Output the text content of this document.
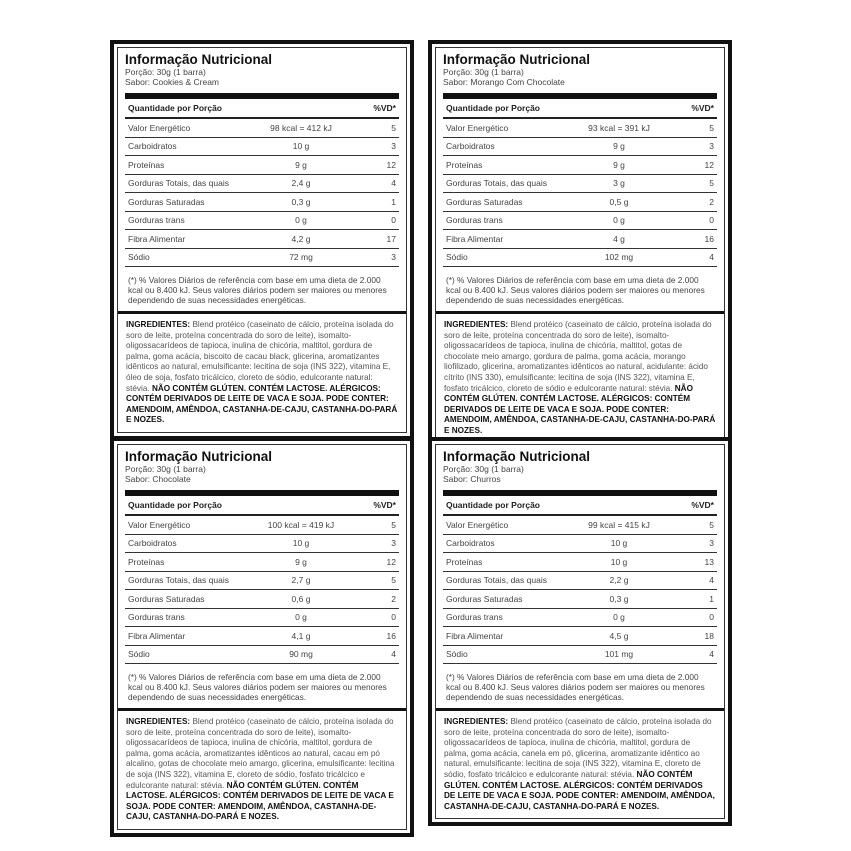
Informação Nutricional
Porção: 30g (1 barra)
Sabor: Cookies & Cream
Quantidade por Porção	%VD*
Valor Energético	98 kcal = 412 kJ	5
Carboidratos	10 g	3
Proteínas	9 g	12
Gorduras Totais, das quais	2,4 g	4
Gorduras Saturadas	0,3 g	1
Gorduras trans	0 g	0
Fibra Alimentar	4,2 g	17
Sódio	72 mg	3
(*) % Valores Diários de referência com base em uma dieta de 2.000 kcal ou 8.400 kJ. Seus valores diários podem ser maiores ou menores dependendo de suas necessidades energéticas.
INGREDIENTES: Blend protéico (caseinato de cálcio, proteína isolada do soro de leite, proteína concentrada do soro de leite), isomalto-oligossacarídeos de tapioca, inulina de chicória, maltitol, gordura de palma, goma acácia, biscoito de cacau black, glicerina, aromatizantes idênticos ao natural, emulsificante: lecitina de soja (INS 322), vitamina E, óleo de soja, fosfato tricálcico, cloreto de sódio, edulcorante natural: stévia. NÃO CONTÉM GLÚTEN. CONTÉM LACTOSE. ALÉRGICOS: CONTÉM DERIVADOS DE LEITE DE VACA E SOJA. PODE CONTER: AMENDOIM, AMÊNDOA, CASTANHA-DE-CAJU, CASTANHA-DO-PARÁ E NOZES.
Informação Nutricional
Porção: 30g (1 barra)
Sabor: Morango Com Chocolate
Quantidade por Porção	%VD*
Valor Energético	93 kcal = 391 kJ	5
Carboidratos	9 g	3
Proteínas	9 g	12
Gorduras Totais, das quais	3 g	5
Gorduras Saturadas	0,5 g	2
Gorduras trans	0 g	0
Fibra Alimentar	4 g	16
Sódio	102 mg	4
(*) % Valores Diários de referência com base em uma dieta de 2.000 kcal ou 8.400 kJ. Seus valores diários podem ser maiores ou menores dependendo de suas necessidades energéticas.
INGREDIENTES: Blend protéico (caseinato de cálcio, proteína isolada do soro de leite, proteína concentrada do soro de leite), isomalto-oligossacarídeos de tapioca, inulina de chicória, maltitol, gotas de chocolate meio amargo, gordura de palma, goma acácia, morango liofilizado, glicerina, aromatizantes idênticos ao natural, acidulante: ácido cítrito (INS 330), emulsificante: lecitina de soja (INS 322), vitamina E, fosfato tricálcico, cloreto de sódio e edulcorante natural: stévia. NÃO CONTÉM GLÚTEN. CONTÉM LACTOSE. ALÉRGICOS: CONTÉM DERIVADOS DE LEITE DE VACA E SOJA. PODE CONTER: AMENDOIM, AMÊNDOA, CASTANHA-DE-CAJU, CASTANHA-DO-PARÁ E NOZES.
Informação Nutricional
Porção: 30g (1 barra)
Sabor: Chocolate
Quantidade por Porção	%VD*
Valor Energético	100 kcal = 419 kJ	5
Carboidratos	10 g	3
Proteínas	9 g	12
Gorduras Totais, das quais	2,7 g	5
Gorduras Saturadas	0,6 g	2
Gorduras trans	0 g	0
Fibra Alimentar	4,1 g	16
Sódio	90 mg	4
(*) % Valores Diários de referência com base em uma dieta de 2.000 kcal ou 8.400 kJ. Seus valores diários podem ser maiores ou menores dependendo de suas necessidades energéticas.
INGREDIENTES: Blend protéico (caseinato de cálcio, proteína isolada do soro de leite, proteína concentrada do soro de leite), isomalto-oligossacarídeos de tapioca, inulina de chicória, maltitol, gordura de palma, goma acácia, aromatizantes idênticos ao natural, cacau em pó alcalino, gotas de chocolate meio amargo, glicerina, emulsificante: lecitina de soja (INS 322), vitamina E, cloreto de sódio, fosfato tricálcico e edulcorante natural: stévia. NÃO CONTÉM GLÚTEN. CONTÉM LACTOSE. ALÉRGICOS: CONTÉM DERIVADOS DE LEITE DE VACA E SOJA. PODE CONTER: AMENDOIM, AMÊNDOA, CASTANHA-DE-CAJU, CASTANHA-DO-PARÁ E NOZES.
Informação Nutricional
Porção: 30g (1 barra)
Sabor: Churros
Quantidade por Porção	%VD*
Valor Energético	99 kcal = 415 kJ	5
Carboidratos	10 g	3
Proteínas	10 g	13
Gorduras Totais, das quais	2,2 g	4
Gorduras Saturadas	0,3 g	1
Gorduras trans	0 g	0
Fibra Alimentar	4,5 g	18
Sódio	101 mg	4
(*) % Valores Diários de referência com base em uma dieta de 2.000 kcal ou 8.400 kJ. Seus valores diários podem ser maiores ou menores dependendo de suas necessidades energéticas.
INGREDIENTES: Blend protéico (caseinato de cálcio, proteína isolada do soro de leite, proteína concentrada do soro de leite), isomalto-oligossacarídeos de tapioca, inulina de chicória, maltitol, gordura de palma, goma acácia, canela em pó, glicerina, aromatizante idêntico ao natural, emulsificante: lecitina de soja (INS 322), vitamina E, cloreto de sódio, fosfato tricálcico e edulcorante natural: stévia. NÃO CONTÉM GLÚTEN. CONTÉM LACTOSE. ALÉRGICOS: CONTÉM DERIVADOS DE LEITE DE VACA E SOJA. PODE CONTER: AMENDOIM, AMÊNDOA, CASTANHA-DE-CAJU, CASTANHA-DO-PARÁ E NOZES.
